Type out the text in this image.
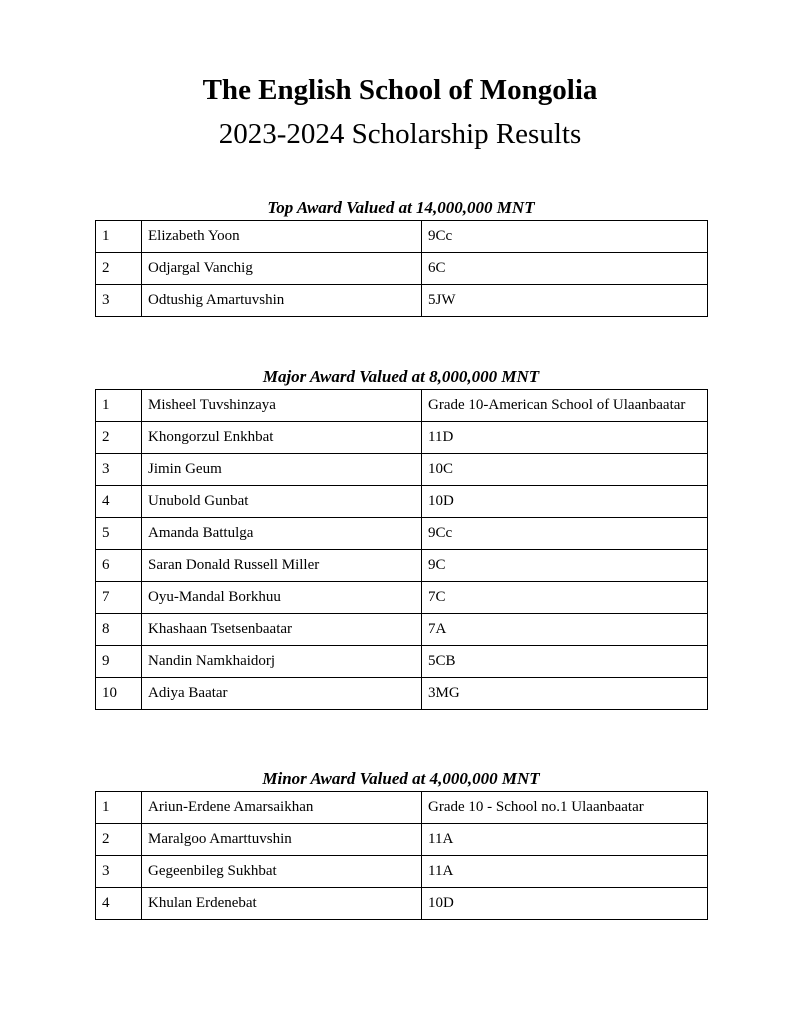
The English School of Mongolia
2023-2024 Scholarship Results
Top Award Valued at 14,000,000 MNT
1	Elizabeth Yoon	9Cc
2	Odjargal Vanchig	6C
3	Odtushig Amartuvshin	5JW
Major Award Valued at 8,000,000 MNT
1	Misheel Tuvshinzaya	Grade 10-American School of Ulaanbaatar
2	Khongorzul Enkhbat	11D
3	Jimin Geum	10C
4	Unubold Gunbat	10D
5	Amanda Battulga	9Cc
6	Saran Donald Russell Miller	9C
7	Oyu-Mandal Borkhuu	7C
8	Khashaan Tsetsenbaatar	7A
9	Nandin Namkhaidorj	5CB
10	Adiya Baatar	3MG
Minor Award Valued at 4,000,000 MNT
1	Ariun-Erdene Amarsaikhan	Grade 10 - School no.1 Ulaanbaatar
2	Maralgoo Amarttuvshin	11A
3	Gegeenbileg Sukhbat	11A
4	Khulan Erdenebat	10D
